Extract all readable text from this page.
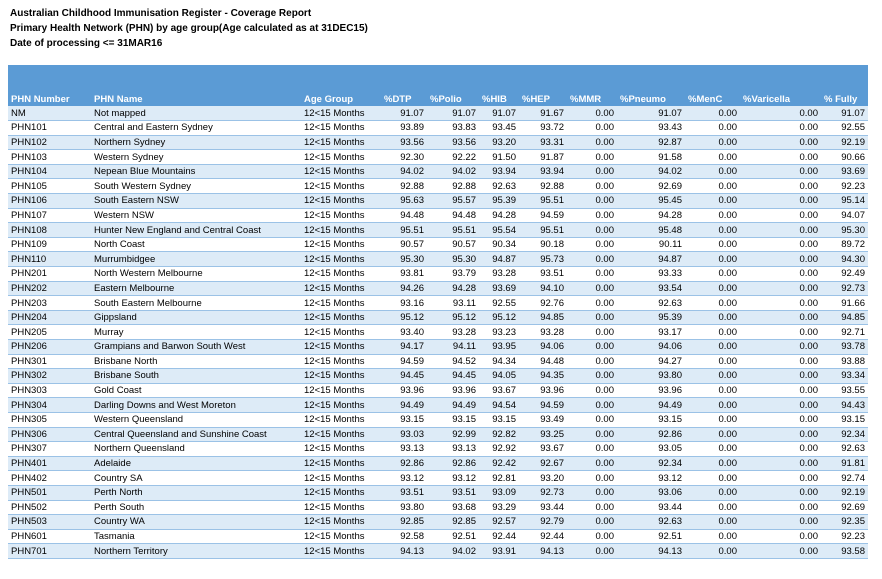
Australian Childhood Immunisation Register - Coverage Report
Primary Health Network (PHN) by age group(Age calculated as at 31DEC15)
Date of processing <= 31MAR16

PHN Number	PHN Name	Age Group	%DTP	%Polio	%HIB	%HEP	%MMR	%Pneumo	%MenC	%Varicella	% Fully
NM	Not mapped	12<15 Months	91.07	91.07	91.07	91.67	0.00	91.07	0.00	0.00	91.07
PHN101	Central and Eastern Sydney	12<15 Months	93.89	93.83	93.45	93.72	0.00	93.43	0.00	0.00	92.55
PHN102	Northern Sydney	12<15 Months	93.56	93.56	93.20	93.31	0.00	92.87	0.00	0.00	92.19
PHN103	Western Sydney	12<15 Months	92.30	92.22	91.50	91.87	0.00	91.58	0.00	0.00	90.66
PHN104	Nepean Blue Mountains	12<15 Months	94.02	94.02	93.94	93.94	0.00	94.02	0.00	0.00	93.69
PHN105	South Western Sydney	12<15 Months	92.88	92.88	92.63	92.88	0.00	92.69	0.00	0.00	92.23
PHN106	South Eastern NSW	12<15 Months	95.63	95.57	95.39	95.51	0.00	95.45	0.00	0.00	95.14
PHN107	Western NSW	12<15 Months	94.48	94.48	94.28	94.59	0.00	94.28	0.00	0.00	94.07
PHN108	Hunter New England and Central Coast	12<15 Months	95.51	95.51	95.54	95.51	0.00	95.48	0.00	0.00	95.30
PHN109	North Coast	12<15 Months	90.57	90.57	90.34	90.18	0.00	90.11	0.00	0.00	89.72
PHN110	Murrumbidgee	12<15 Months	95.30	95.30	94.87	95.73	0.00	94.87	0.00	0.00	94.30
PHN201	North Western Melbourne	12<15 Months	93.81	93.79	93.28	93.51	0.00	93.33	0.00	0.00	92.49
PHN202	Eastern Melbourne	12<15 Months	94.26	94.28	93.69	94.10	0.00	93.54	0.00	0.00	92.73
PHN203	South Eastern Melbourne	12<15 Months	93.16	93.11	92.55	92.76	0.00	92.63	0.00	0.00	91.66
PHN204	Gippsland	12<15 Months	95.12	95.12	95.12	94.85	0.00	95.39	0.00	0.00	94.85
PHN205	Murray	12<15 Months	93.40	93.28	93.23	93.28	0.00	93.17	0.00	0.00	92.71
PHN206	Grampians and Barwon South West	12<15 Months	94.17	94.11	93.95	94.06	0.00	94.06	0.00	0.00	93.78
PHN301	Brisbane North	12<15 Months	94.59	94.52	94.34	94.48	0.00	94.27	0.00	0.00	93.88
PHN302	Brisbane South	12<15 Months	94.45	94.45	94.05	94.35	0.00	93.80	0.00	0.00	93.34
PHN303	Gold Coast	12<15 Months	93.96	93.96	93.67	93.96	0.00	93.96	0.00	0.00	93.55
PHN304	Darling Downs and West Moreton	12<15 Months	94.49	94.49	94.54	94.59	0.00	94.49	0.00	0.00	94.43
PHN305	Western Queensland	12<15 Months	93.15	93.15	93.15	93.49	0.00	93.15	0.00	0.00	93.15
PHN306	Central Queensland and Sunshine Coast	12<15 Months	93.03	92.99	92.82	93.25	0.00	92.86	0.00	0.00	92.34
PHN307	Northern Queensland	12<15 Months	93.13	93.13	92.92	93.67	0.00	93.05	0.00	0.00	92.63
PHN401	Adelaide	12<15 Months	92.86	92.86	92.42	92.67	0.00	92.34	0.00	0.00	91.81
PHN402	Country SA	12<15 Months	93.12	93.12	92.81	93.20	0.00	93.12	0.00	0.00	92.74
PHN501	Perth North	12<15 Months	93.51	93.51	93.09	92.73	0.00	93.06	0.00	0.00	92.19
PHN502	Perth South	12<15 Months	93.80	93.68	93.29	93.44	0.00	93.44	0.00	0.00	92.69
PHN503	Country WA	12<15 Months	92.85	92.85	92.57	92.79	0.00	92.63	0.00	0.00	92.35
PHN601	Tasmania	12<15 Months	92.58	92.51	92.44	92.44	0.00	92.51	0.00	0.00	92.23
PHN701	Northern Territory	12<15 Months	94.13	94.02	93.91	94.13	0.00	94.13	0.00	0.00	93.58
